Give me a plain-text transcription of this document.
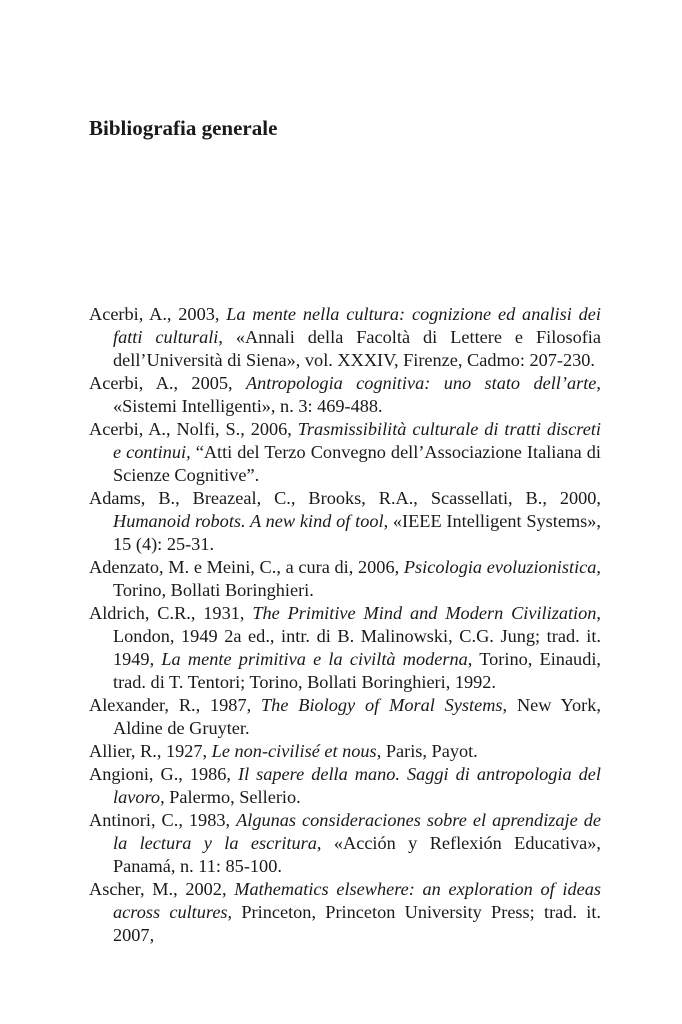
Bibliografia generale
Acerbi, A., 2003, La mente nella cultura: cognizione ed analisi dei fatti culturali, «Annali della Facoltà di Lettere e Filosofia dell’Università di Siena», vol. XXXIV, Firenze, Cadmo: 207-230.
Acerbi, A., 2005, Antropologia cognitiva: uno stato dell’arte, «Sistemi Intelligenti», n. 3: 469-488.
Acerbi, A., Nolfi, S., 2006, Trasmissibilità culturale di tratti discreti e continui, “Atti del Terzo Convegno dell’Associazione Italiana di Scienze Cognitive”.
Adams, B., Breazeal, C., Brooks, R.A., Scassellati, B., 2000, Humanoid robots. A new kind of tool, «IEEE Intelligent Systems», 15 (4): 25-31.
Adenzato, M. e Meini, C., a cura di, 2006, Psicologia evoluzionistica, Torino, Bollati Boringhieri.
Aldrich, C.R., 1931, The Primitive Mind and Modern Civilization, London, 1949 2a ed., intr. di B. Malinowski, C.G. Jung; trad. it. 1949, La mente primitiva e la civiltà moderna, Torino, Einaudi, trad. di T. Tentori; Torino, Bollati Boringhieri, 1992.
Alexander, R., 1987, The Biology of Moral Systems, New York, Aldine de Gruyter.
Allier, R., 1927, Le non-civilisé et nous, Paris, Payot.
Angioni, G., 1986, Il sapere della mano. Saggi di antropologia del lavoro, Palermo, Sellerio.
Antinori, C., 1983, Algunas consideraciones sobre el aprendizaje de la lectura y la escritura, «Acción y Reflexión Educativa», Panamá, n. 11: 85-100.
Ascher, M., 2002, Mathematics elsewhere: an exploration of ideas across cultures, Princeton, Princeton University Press; trad. it. 2007,
